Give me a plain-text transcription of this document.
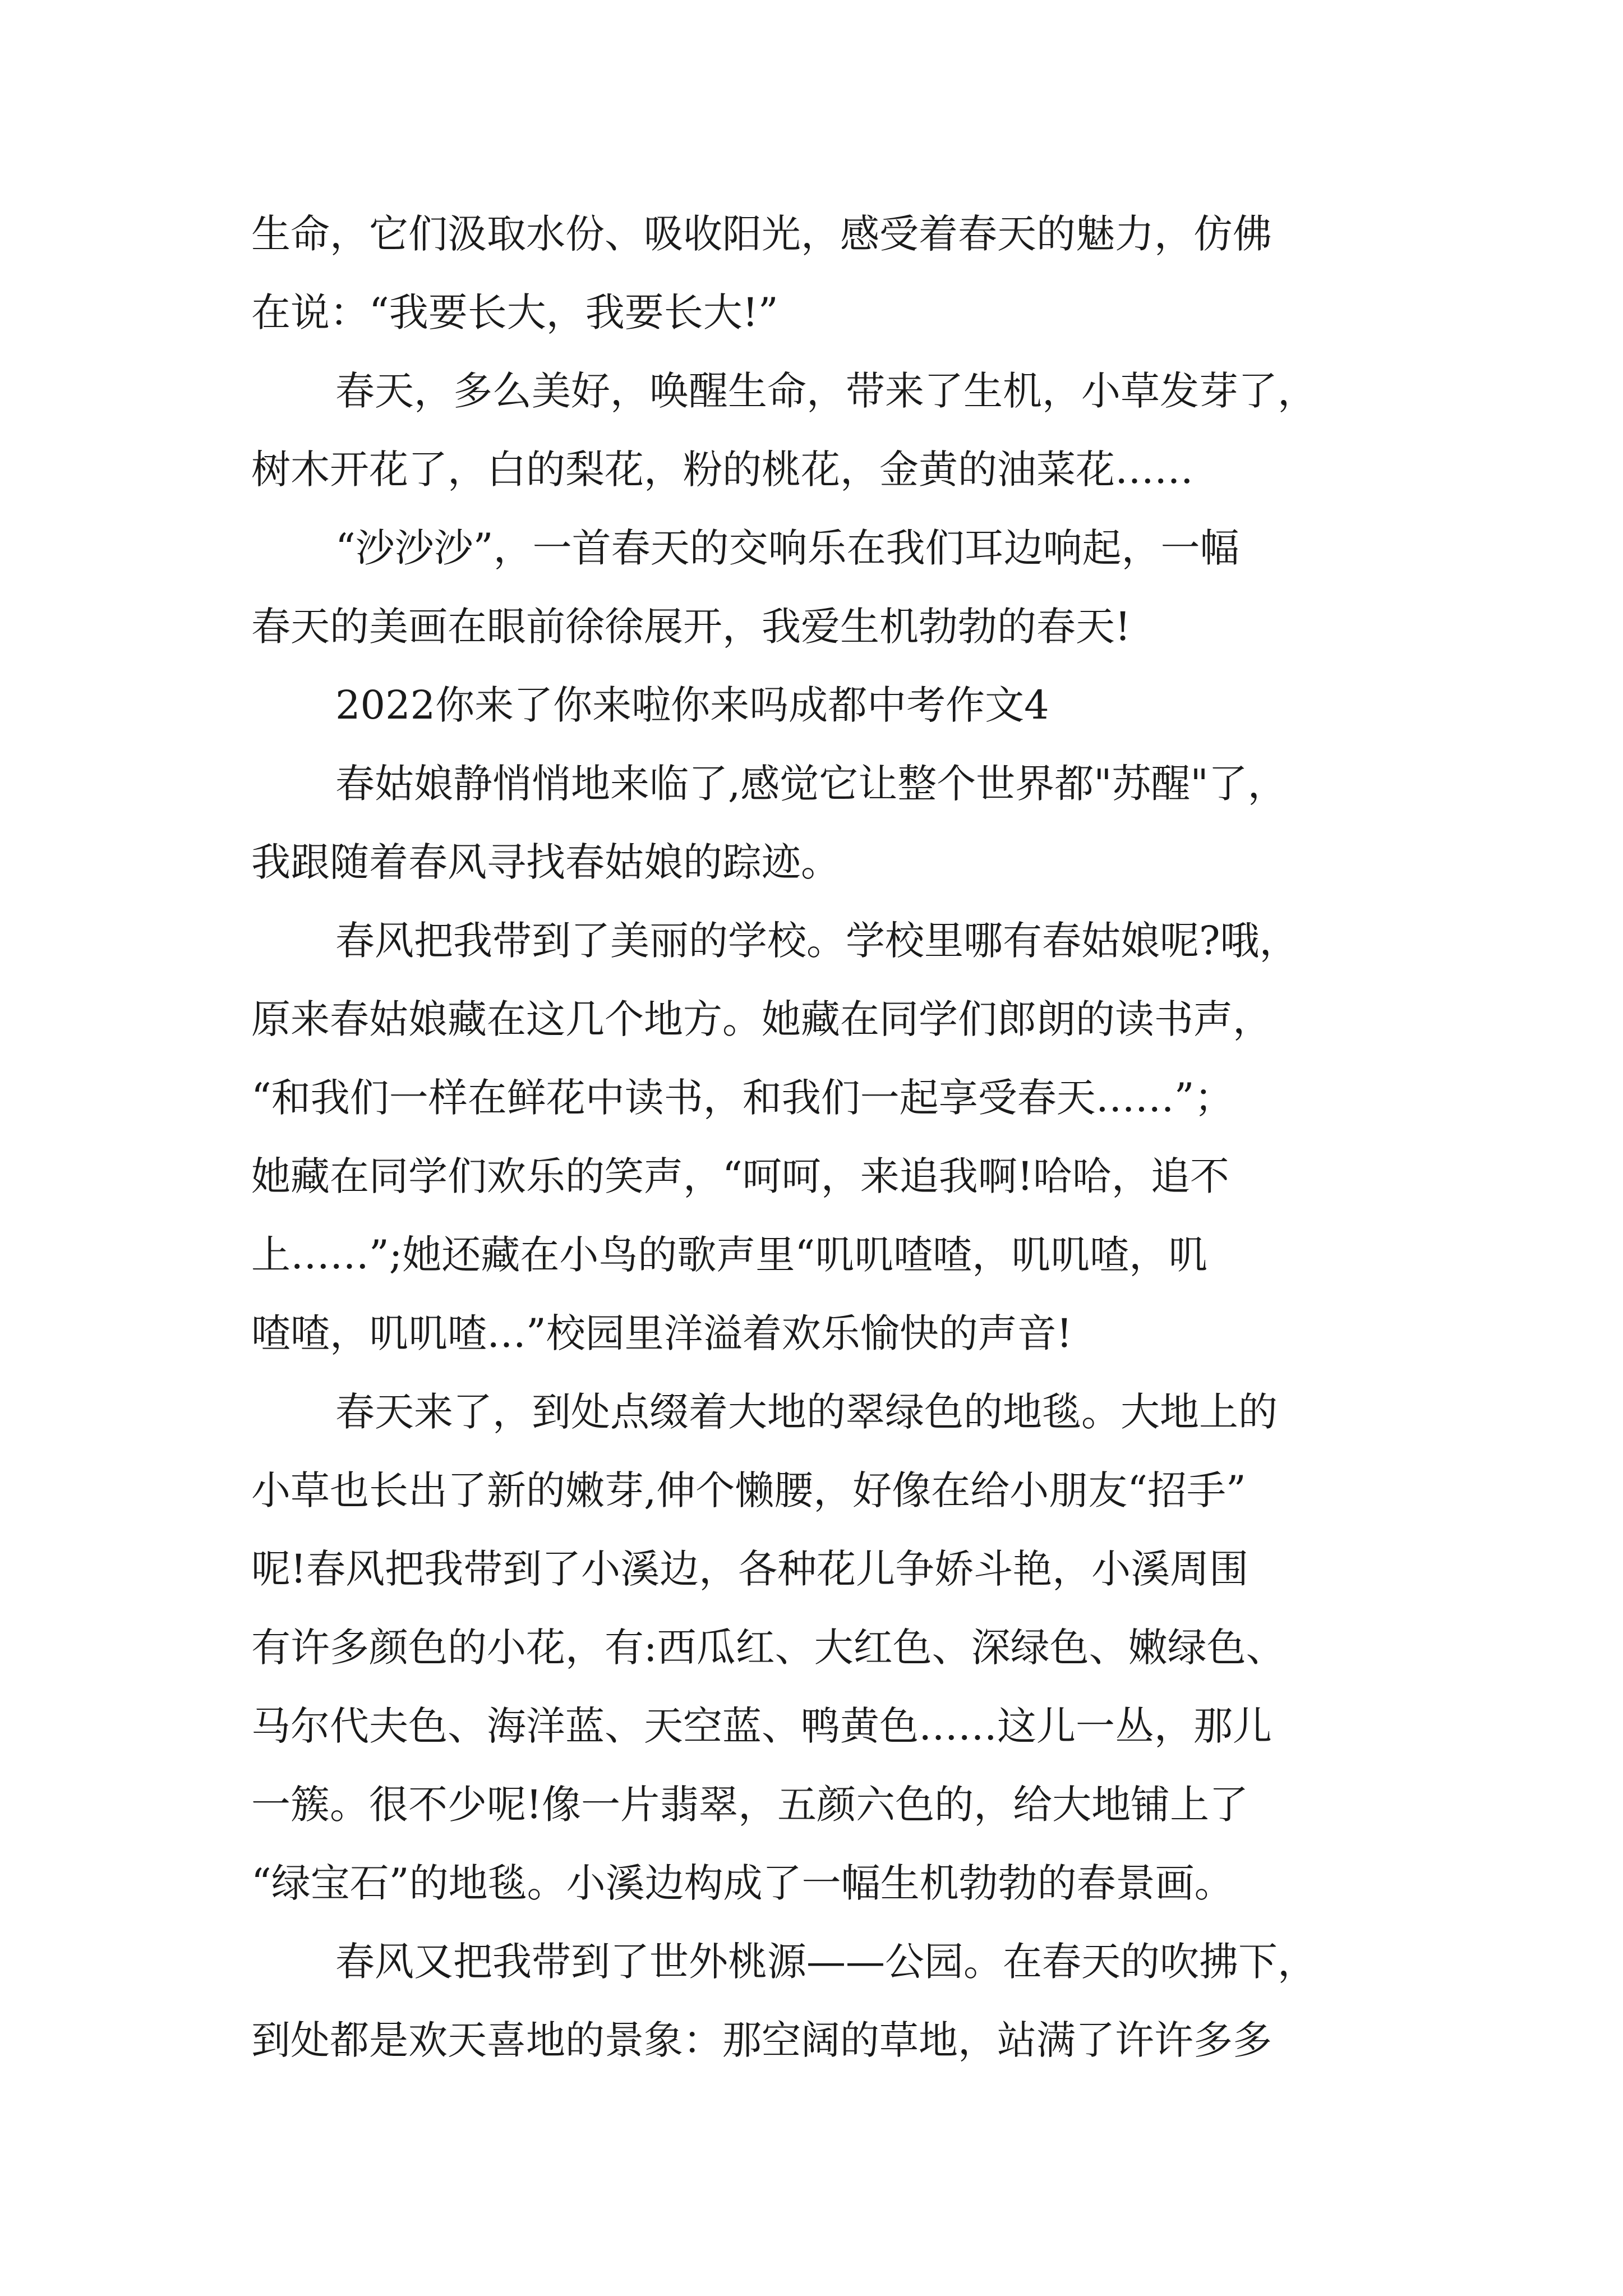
生命，它们汲取水份、吸收阳光，感受着春天的魅力，仿佛
在说：“我要长大，我要长大!”
春天，多么美好，唤醒生命，带来了生机，小草发芽了，
树木开花了，白的梨花，粉的桃花，金黄的油菜花……
“沙沙沙”，一首春天的交响乐在我们耳边响起，一幅
春天的美画在眼前徐徐展开，我爱生机勃勃的春天!
2022你来了你来啦你来吗成都中考作文4
春姑娘静悄悄地来临了,感觉它让整个世界都"苏醒"了，
我跟随着春风寻找春姑娘的踪迹。
春风把我带到了美丽的学校。学校里哪有春姑娘呢?哦，
原来春姑娘藏在这几个地方。她藏在同学们郎朗的读书声，
“和我们一样在鲜花中读书，和我们一起享受春天……”；
她藏在同学们欢乐的笑声，“呵呵，来追我啊!哈哈，追不
上……”;她还藏在小鸟的歌声里“叽叽喳喳，叽叽喳，叽
喳喳，叽叽喳…”校园里洋溢着欢乐愉快的声音!
春天来了，到处点缀着大地的翠绿色的地毯。大地上的
小草也长出了新的嫩芽,伸个懒腰，好像在给小朋友“招手”
呢!春风把我带到了小溪边，各种花儿争娇斗艳，小溪周围
有许多颜色的小花，有:西瓜红、大红色、深绿色、嫩绿色、
马尔代夫色、海洋蓝、天空蓝、鸭黄色……这儿一丛，那儿
一簇。很不少呢!像一片翡翠，五颜六色的，给大地铺上了
“绿宝石”的地毯。小溪边构成了一幅生机勃勃的春景画。
春风又把我带到了世外桃源——公园。在春天的吹拂下，
到处都是欢天喜地的景象：那空阔的草地，站满了许许多多
